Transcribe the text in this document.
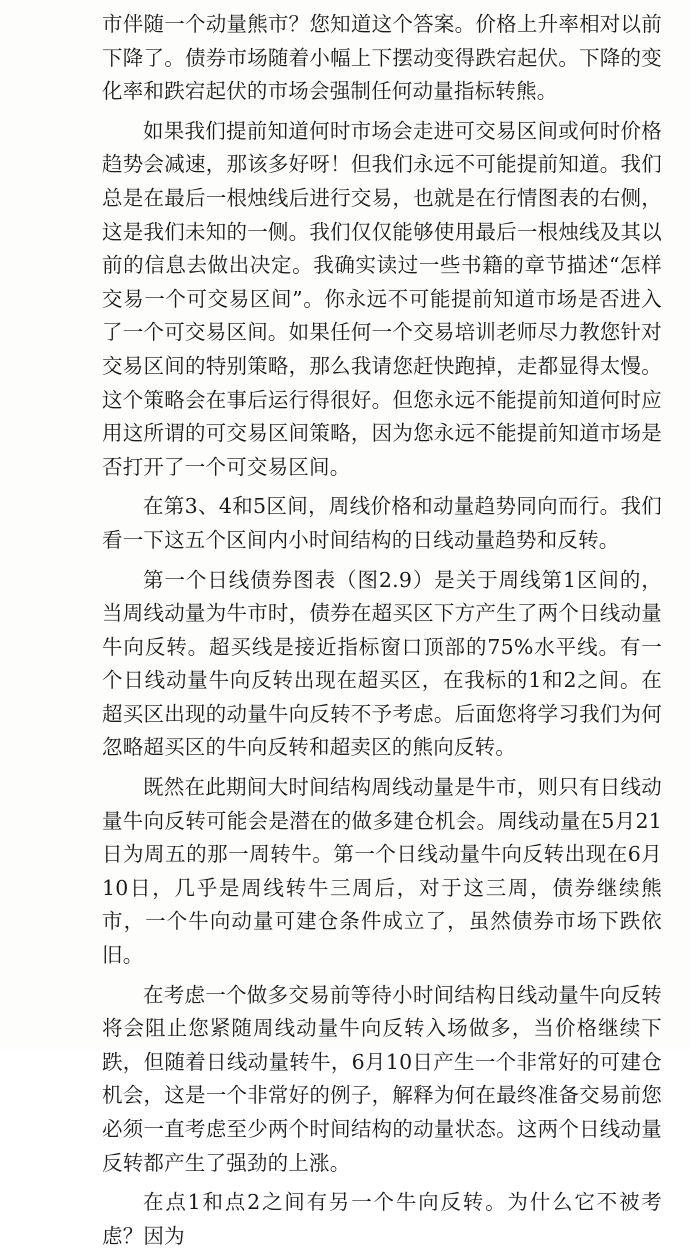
市伴随一个动量熊市？您知道这个答案。价格上升率相对以前下降了。债券市场随着小幅上下摆动变得跌宕起伏。下降的变化率和跌宕起伏的市场会强制任何动量指标转熊。

如果我们提前知道何时市场会走进可交易区间或何时价格趋势会减速，那该多好呀！但我们永远不可能提前知道。我们总是在最后一根烛线后进行交易，也就是在行情图表的右侧，这是我们未知的一侧。我们仅仅能够使用最后一根烛线及其以前的信息去做出决定。我确实读过一些书籍的章节描述“怎样交易一个可交易区间”。你永远不可能提前知道市场是否进入了一个可交易区间。如果任何一个交易培训老师尽力教您针对交易区间的特别策略，那么我请您赶快跑掉，走都显得太慢。这个策略会在事后运行得很好。但您永远不能提前知道何时应用这所谓的可交易区间策略，因为您永远不能提前知道市场是否打开了一个可交易区间。

在第3、4和5区间，周线价格和动量趋势同向而行。我们看一下这五个区间内小时间结构的日线动量趋势和反转。

第一个日线债券图表（图2.9）是关于周线第1区间的，当周线动量为牛市时，债券在超买区下方产生了两个日线动量牛向反转。超买线是接近指标窗口顶部的75%水平线。有一个日线动量牛向反转出现在超买区，在我标的1和2之间。在超买区出现的动量牛向反转不予考虑。后面您将学习我们为何忽略超买区的牛向反转和超卖区的熊向反转。

既然在此期间大时间结构周线动量是牛市，则只有日线动量牛向反转可能会是潜在的做多建仓机会。周线动量在5月21日为周五的那一周转牛。第一个日线动量牛向反转出现在6月10日，几乎是周线转牛三周后，对于这三周，债券继续熊市，一个牛向动量可建仓条件成立了，虽然债券市场下跌依旧。

在考虑一个做多交易前等待小时间结构日线动量牛向反转将会阻止您紧随周线动量牛向反转入场做多，当价格继续下跌，但随着日线动量转牛，6月10日产生一个非常好的可建仓机会，这是一个非常好的例子，解释为何在最终准备交易前您必须一直考虑至少两个时间结构的动量状态。这两个日线动量反转都产生了强劲的上涨。

在点1和点2之间有另一个牛向反转。为什么它不被考虑？因为
